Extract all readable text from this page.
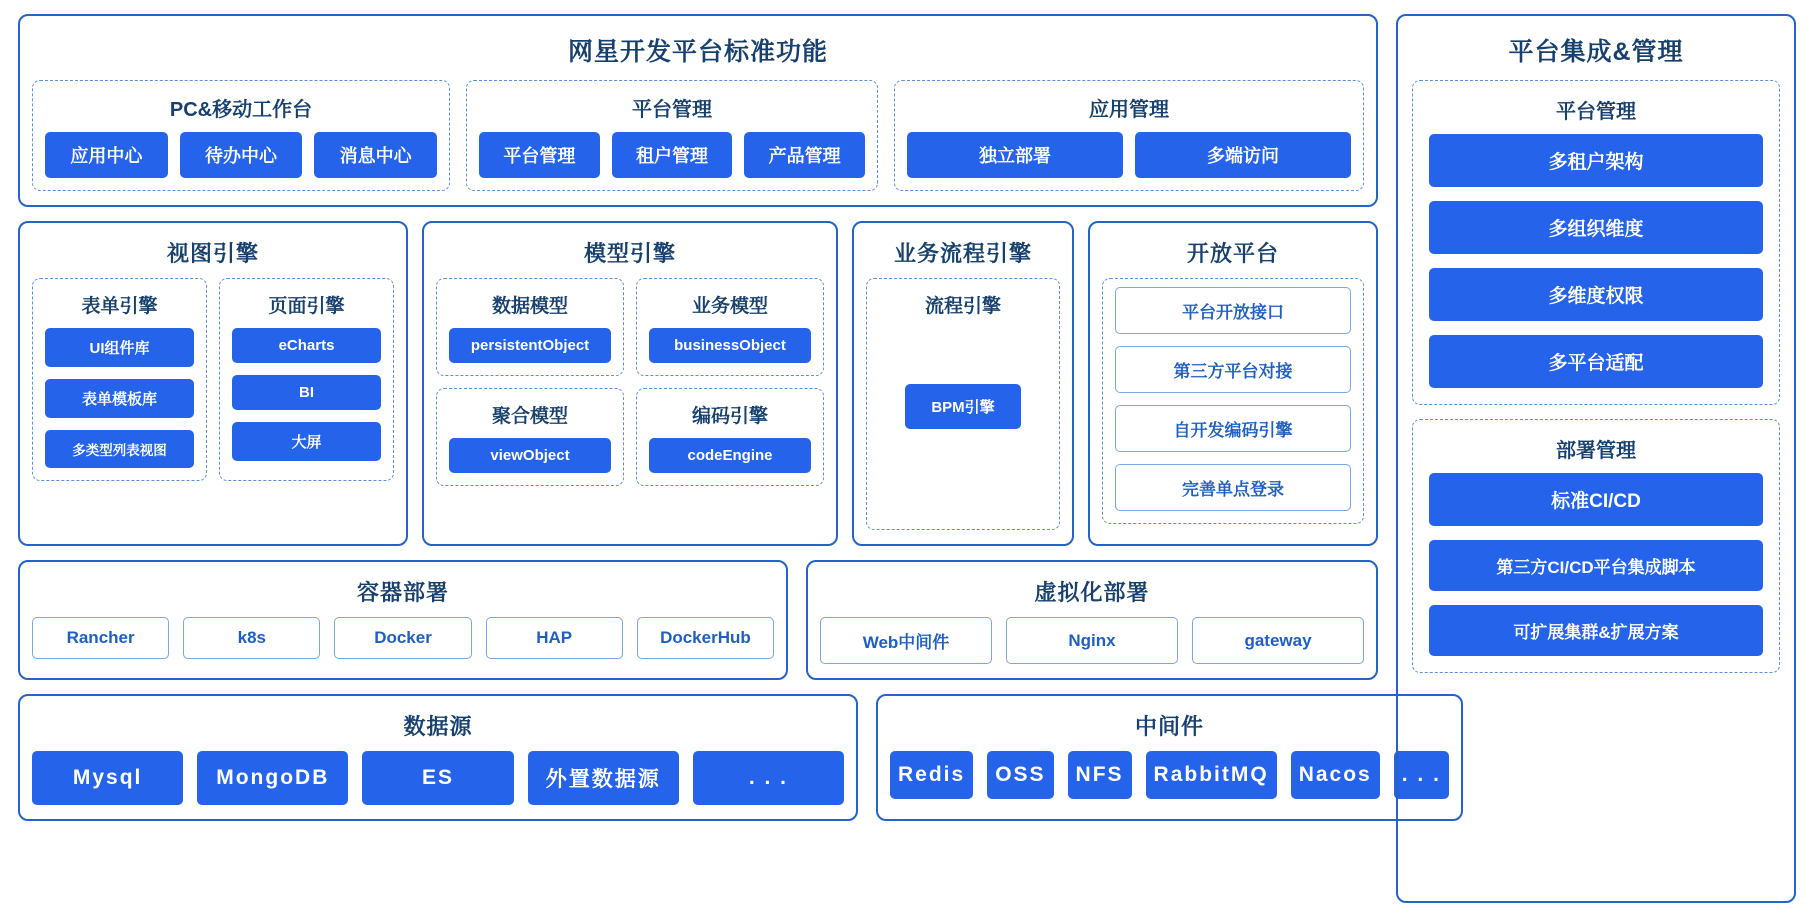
网星开发平台标准功能
PC&移动工作台
应用中心	待办中心	消息中心
平台管理
平台管理	租户管理	产品管理
应用管理
独立部署	多端访问
视图引擎
表单引擎
UI组件库
表单模板库
多类型列表视图
页面引擎
eCharts
BI
大屏
模型引擎
数据模型
persistentObject
业务模型
businessObject
聚合模型
viewObject
编码引擎
codeEngine
业务流程引擎
流程引擎
BPM引擎
开放平台
平台开放接口
第三方平台对接
自开发编码引擎
完善单点登录
容器部署
Rancher	k8s	Docker	HAP	DockerHub
虚拟化部署
Web中间件	Nginx	gateway
数据源
Mysql	MongoDB	ES	外置数据源	. . .
中间件
Redis	OSS	NFS	RabbitMQ	Nacos	. . .
平台集成&管理
平台管理
多租户架构
多组织维度
多维度权限
多平台适配
部署管理
标准CI/CD
第三方CI/CD平台集成脚本
可扩展集群&扩展方案
